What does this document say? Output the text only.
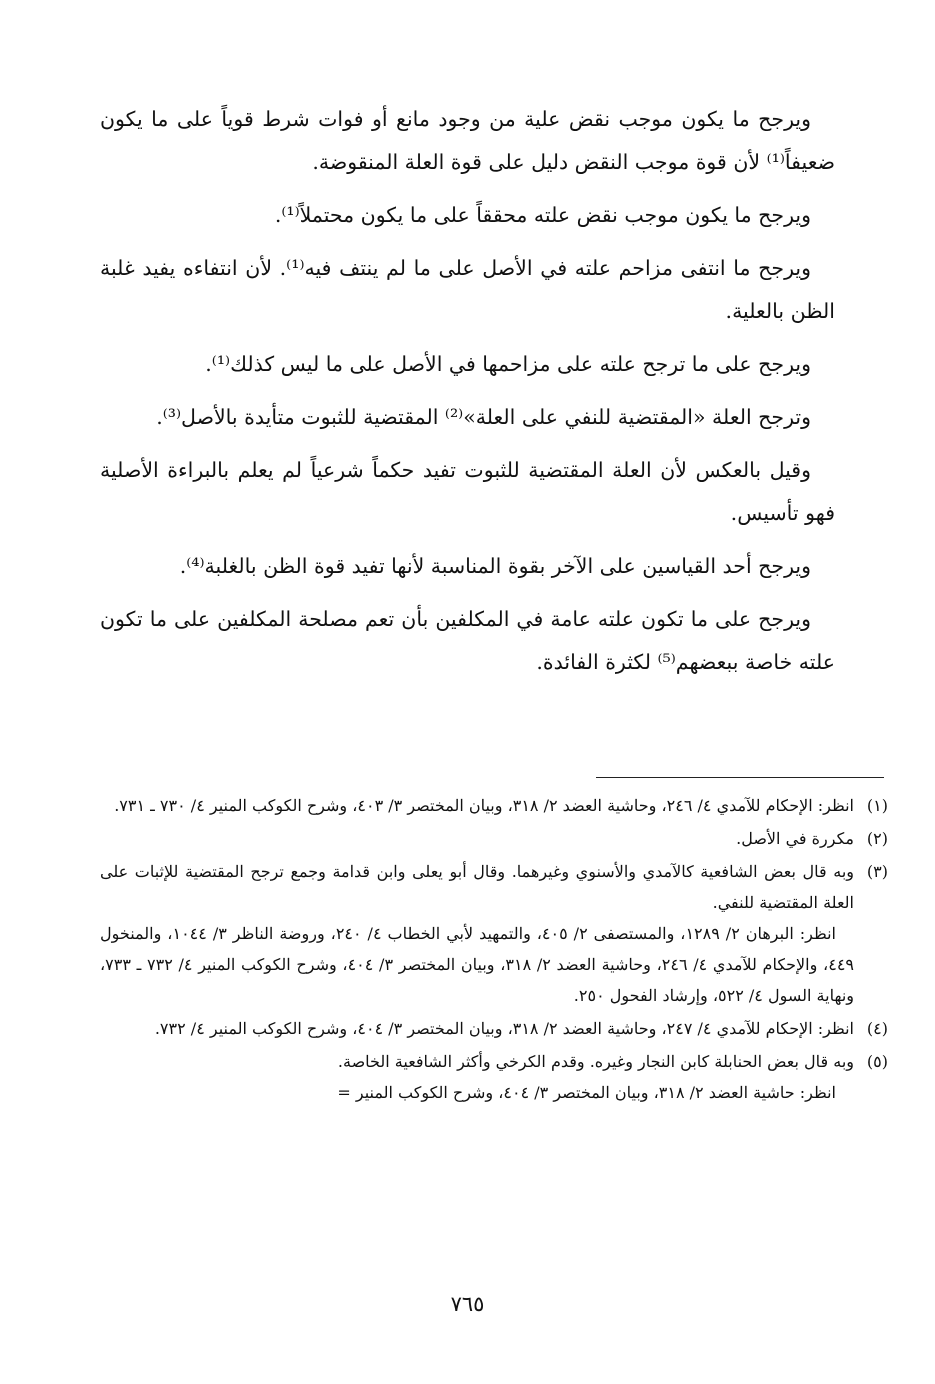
ويرجح ما يكون موجب نقض علية من وجود مانع أو فوات شرط قوياً على ما يكون ضعيفاً⁽¹⁾ لأن قوة موجب النقض دليل على قوة العلة المنقوضة.

ويرجح ما يكون موجب نقض علته محققاً على ما يكون محتملاً⁽¹⁾.

ويرجح ما انتفى مزاحم علته في الأصل على ما لم ينتف فيه⁽¹⁾. لأن انتفاءه يفيد غلبة الظن بالعلية.

ويرجح على ما ترجح علته على مزاحمها في الأصل على ما ليس كذلك⁽¹⁾.

وترجح العلة «المقتضية للنفي على العلة»⁽²⁾ المقتضية للثبوت متأيدة بالأصل⁽³⁾.

وقيل بالعكس لأن العلة المقتضية للثبوت تفيد حكماً شرعياً لم يعلم بالبراءة الأصلية فهو تأسيس.

ويرجح أحد القياسين على الآخر بقوة المناسبة لأنها تفيد قوة الظن بالغلبة⁽⁴⁾.

ويرجح على ما تكون علته عامة في المكلفين بأن تعم مصلحة المكلفين على ما تكون علته خاصة ببعضهم⁽⁵⁾ لكثرة الفائدة.

(١)

انظر: الإحكام للآمدي ٤/ ٢٤٦، وحاشية العضد ٢/ ٣١٨، وبيان المختصر ٣/ ٤٠٣، وشرح الكوكب المنير ٤/ ٧٣٠ ـ ٧٣١.

(٢)

مكررة في الأصل.

(٣)

وبه قال بعض الشافعية كالآمدي والأسنوي وغيرهما. وقال أبو يعلى وابن قدامة وجمع ترجح المقتضية للإثبات على العلة المقتضية للنفي.

انظر: البرهان ٢/ ١٢٨٩، والمستصفى ٢/ ٤٠٥، والتمهيد لأبي الخطاب ٤/ ٢٤٠، وروضة الناظر ٣/ ١٠٤٤، والمنخول ٤٤٩، والإحكام للآمدي ٤/ ٢٤٦، وحاشية العضد ٢/ ٣١٨، وبيان المختصر ٣/ ٤٠٤، وشرح الكوكب المنير ٤/ ٧٣٢ ـ ٧٣٣، ونهاية السول ٤/ ٥٢٢، وإرشاد الفحول ٢٥٠.

(٤)

انظر: الإحكام للآمدي ٤/ ٢٤٧، وحاشية العضد ٢/ ٣١٨، وبيان المختصر ٣/ ٤٠٤، وشرح الكوكب المنير ٤/ ٧٣٢.

(٥)

وبه قال بعض الحنابلة كابن النجار وغيره. وقدم الكرخي وأكثر الشافعية الخاصة.

انظر: حاشية العضد ٢/ ٣١٨، وبيان المختصر ٣/ ٤٠٤، وشرح الكوكب المنير =

٧٦٥
